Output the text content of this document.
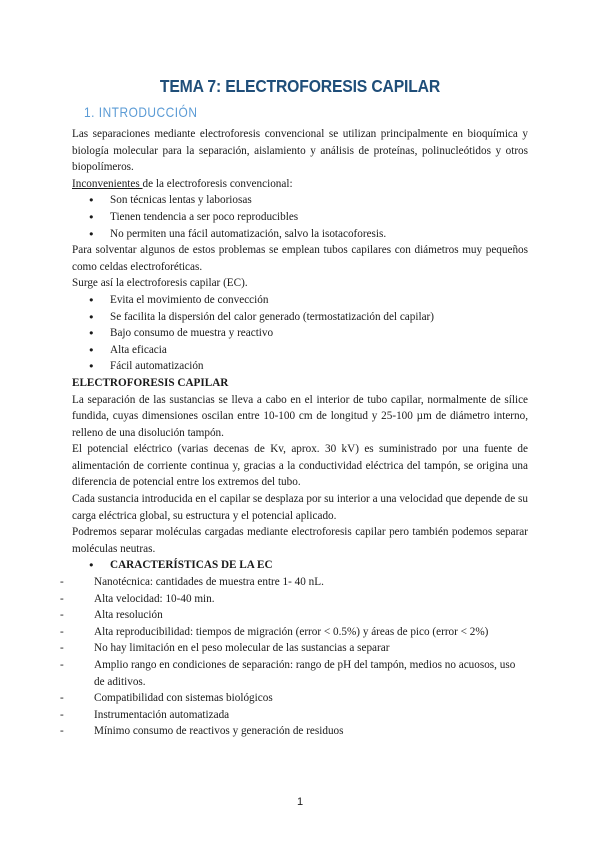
TEMA 7: ELECTROFORESIS CAPILAR
1. INTRODUCCIÓN

Las separaciones mediante electroforesis convencional se utilizan principalmente en bioquímica y biología molecular para la separación, aislamiento y análisis de proteínas, polinucleótidos y otros biopolímeros.

Inconvenientes de la electroforesis convencional:

● Son técnicas lentas y laboriosas
● Tienen tendencia a ser poco reproducibles
● No permiten una fácil automatización, salvo la isotacoforesis.

Para solventar algunos de estos problemas se emplean tubos capilares con diámetros muy pequeños como celdas electroforéticas.

Surge así la electroforesis capilar (EC).

● Evita el movimiento de convección
● Se facilita la dispersión del calor generado (termostatización del capilar)
● Bajo consumo de muestra y reactivo
● Alta eficacia
● Fácil automatización

ELECTROFORESIS CAPILAR

La separación de las sustancias se lleva a cabo en el interior de tubo capilar, normalmente de sílice fundida, cuyas dimensiones oscilan entre 10-100 cm de longitud y 25-100 µm de diámetro interno, relleno de una disolución tampón.

El potencial eléctrico (varias decenas de Kv, aprox. 30 kV) es suministrado por una fuente de alimentación de corriente continua y, gracias a la conductividad eléctrica del tampón, se origina una diferencia de potencial entre los extremos del tubo.

Cada sustancia introducida en el capilar se desplaza por su interior a una velocidad que depende de su carga eléctrica global, su estructura y el potencial aplicado.

Podremos separar moléculas cargadas mediante electroforesis capilar pero también podemos separar moléculas neutras.

● CARACTERÍSTICAS DE LA EC
- Nanotécnica: cantidades de muestra entre 1- 40 nL.
- Alta velocidad: 10-40 min.
- Alta resolución
- Alta reproducibilidad: tiempos de migración (error < 0.5%) y áreas de pico (error < 2%)
- No hay limitación en el peso molecular de las sustancias a separar
- Amplio rango en condiciones de separación: rango de pH del tampón, medios no acuosos, uso de aditivos.
- Compatibilidad con sistemas biológicos
- Instrumentación automatizada
- Mínimo consumo de reactivos y generación de residuos
1
